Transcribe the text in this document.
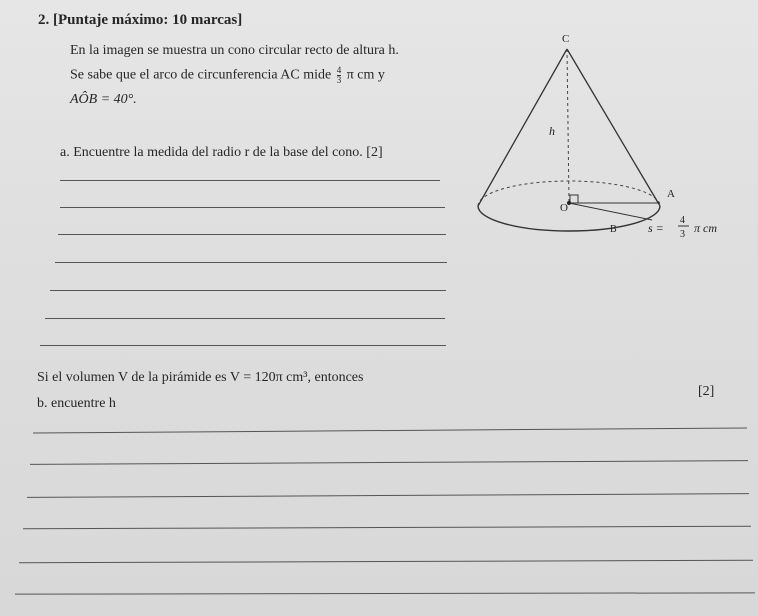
2. [Puntaje máximo: 10 marcas]
En la imagen se muestra un cono circular recto de altura h.
Se sabe que el arco de circunferencia AC mide $\frac{4}{3}$ π cm y
AÔB = 40°.
a. Encuentre la medida del radio r de la base del cono. [2]
Si el volumen V de la pirámide es V = 120π cm³, entonces
b. encuentre h
[2]
C
h
O
A
B	s =
4
3 π cm
